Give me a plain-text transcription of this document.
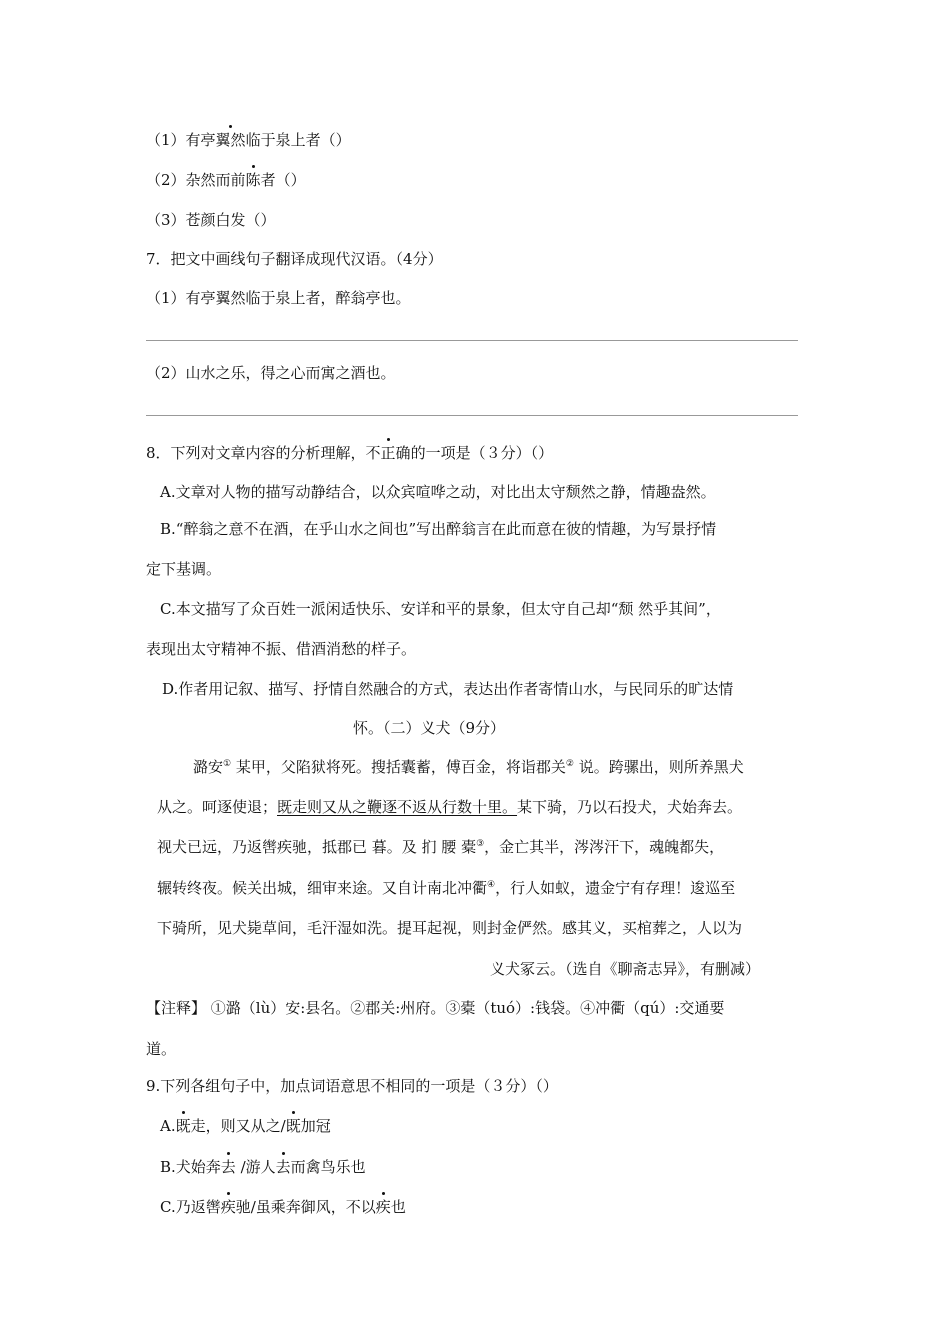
（1）有亭翼然临于泉上者（）
（2）杂然而前陈者（）
（3）苍颜白发（）
7．把文中画线句子翻译成现代汉语。（4分）
（1）有亭翼然临于泉上者，醉翁亭也。
（2）山水之乐，得之心而寓之酒也。
8．下列对文章内容的分析理解，不正确的一项是（３分）（）
A.文章对人物的描写动静结合，以众宾喧哗之动，对比出太守颓然之静，情趣盎然。
B.“醉翁之意不在酒，在乎山水之间也”写出醉翁言在此而意在彼的情趣，为写景抒情
定下基调。
C.本文描写了众百姓一派闲适快乐、安详和平的景象，但太守自己却“颓 然乎其间”，
表现出太守精神不振、借酒消愁的样子。
D.作者用记叙、描写、抒情自然融合的方式，表达出作者寄情山水，与民同乐的旷达情
怀。（二）义犬（9分）
潞安① 某甲，父陷狱将死。搜括囊蓄，傅百金，将诣郡关② 说。跨骡出，则所养黑犬
从之。呵逐使退；既走则又从之鞭逐不返从行数十里。某下骑，乃以石投犬，犬始奔去。
视犬已远，乃返辔疾驰，抵郡已 暮。及 扪 腰 橐③，金亡其半，涔涔汗下，魂魄都失，
辗转终夜。候关出城，细审来途。又自计南北冲衢④，行人如蚁，遗金宁有存理！逡巡至
下骑所，见犬毙草间，毛汗湿如洗。提耳起视，则封金俨然。感其义，买棺葬之，人以为
义犬冢云。（选自《聊斋志异》，有删减）
【注释】 ①潞（lù）安:县名。②郡关:州府。③橐（tuó）:钱袋。④冲衢（qú）:交通要
道。
9.下列各组句子中，加点词语意思不相同的一项是（３分）（）
A.既走，则又从之/既加冠
B.犬始奔去 /游人去而禽鸟乐也
C.乃返辔疾驰/虽乘奔御风，不以疾也
